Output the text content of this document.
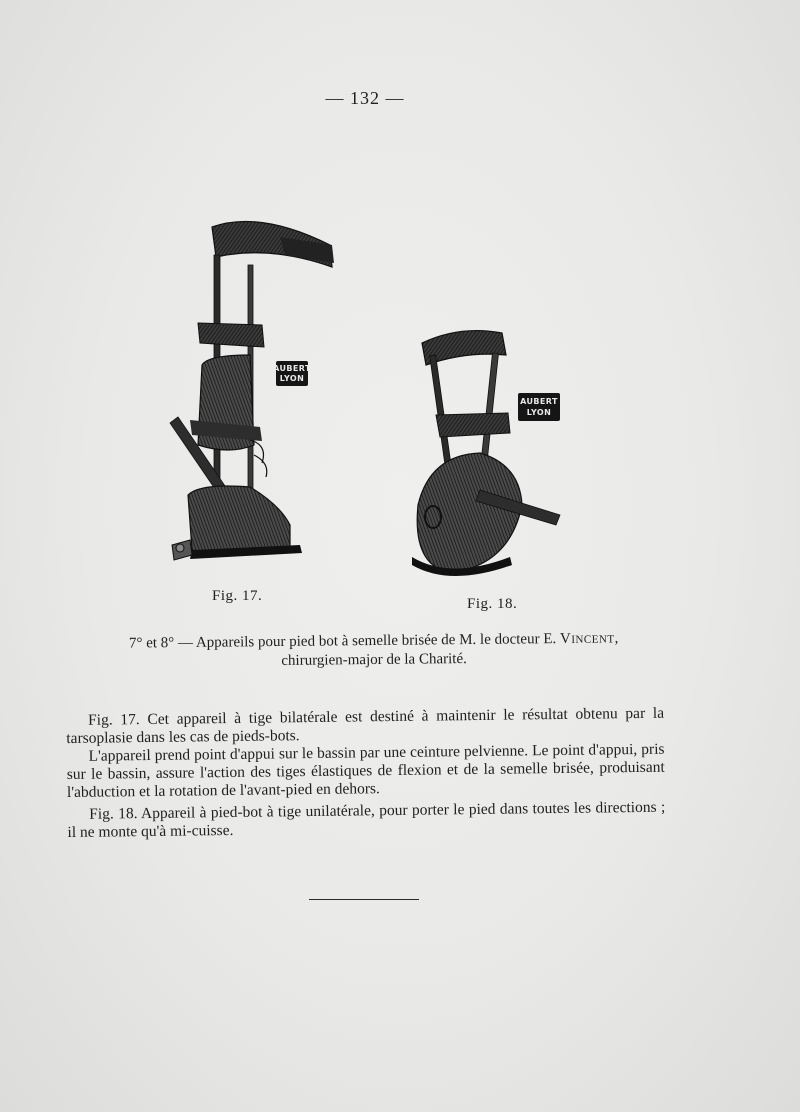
— 132 —
AUBERT
LYON
AUBERT
LYON
Fig. 17.	Fig. 18.
7° et 8° — Appareils pour pied bot à semelle brisée de M. le docteur E. Vincent,
chirurgien-major de la Charité.

Fig. 17. Cet appareil à tige bilatérale est destiné à maintenir le résultat obtenu par la tarsoplasie dans les cas de pieds-bots.

L'appareil prend point d'appui sur le bassin par une ceinture pelvienne. Le point d'appui, pris sur le bassin, assure l'action des tiges élastiques de flexion et de la semelle brisée, produisant l'abduction et la rotation de l'avant-pied en dehors.

Fig. 18. Appareil à pied-bot à tige unilatérale, pour porter le pied dans toutes les directions ; il ne monte qu'à mi-cuisse.
